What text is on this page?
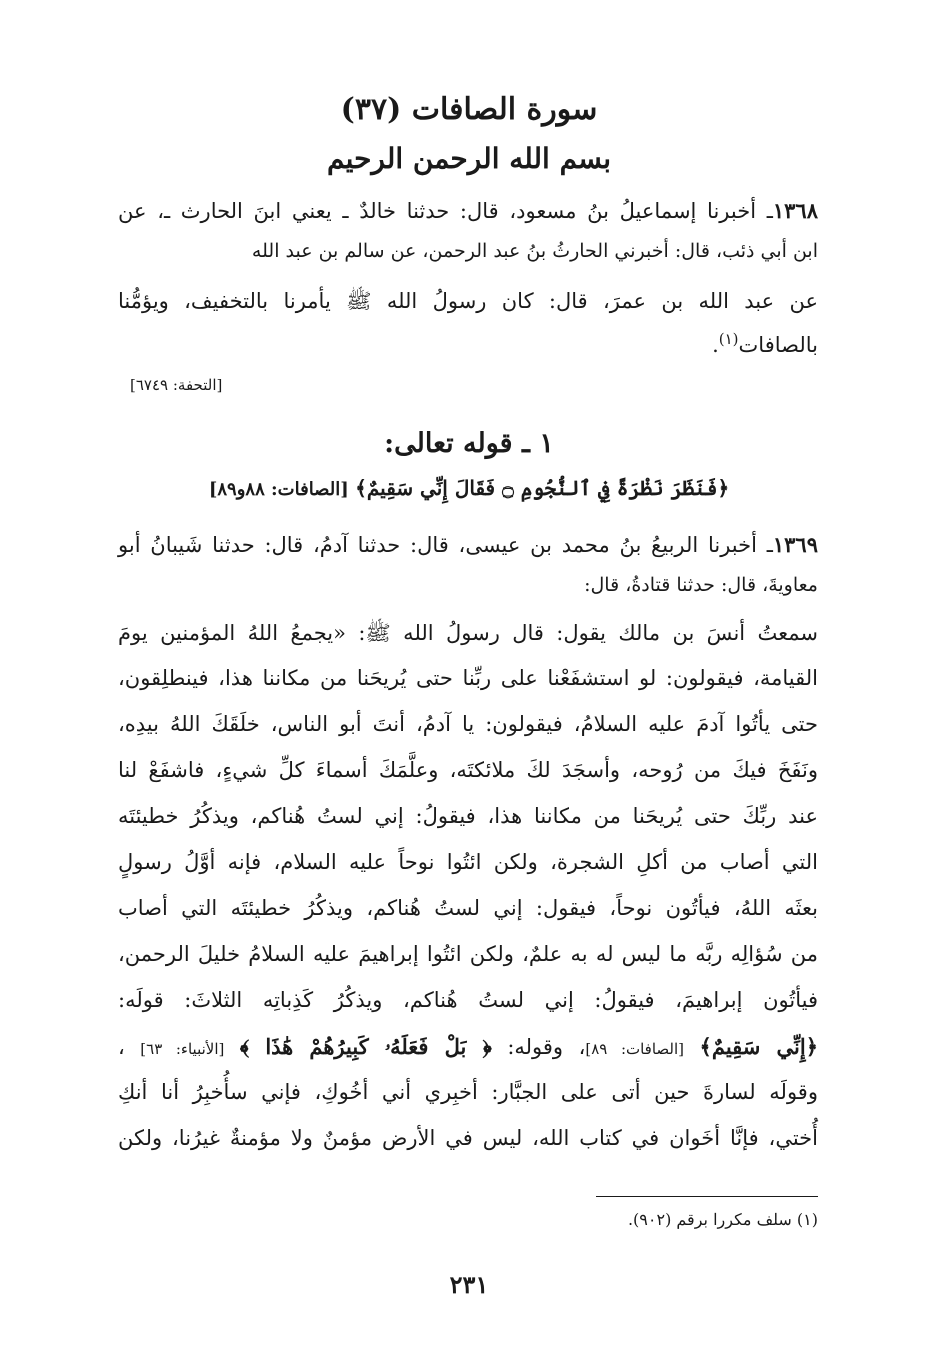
سورة الصافات (٣٧)
بسم الله الرحمن الرحيم
١٣٦٨ـ أخبرنا إسماعيلُ بنُ مسعود، قال: حدثنا خالدٌ ـ يعني ابنَ الحارث ـ، عن
ابن أبي ذئب، قال: أخبرني الحارثُ بنُ عبد الرحمن، عن سالم بن عبد الله
عن عبد الله بن عمرَ، قال: كان رسولُ الله ﷺ يأمرنا بالتخفيف، ويؤمُّنا
بالصافات$^{(١)}$.
[التحفة: ٦٧٤٩]
١ ـ قوله تعالى:
﴿فَنَظَرَ نَظْرَةً فِي ٱلنُّجُومِ ۝ فَقَالَ إِنِّي سَقِيمٌ﴾ [الصافات: ٨٨و٨٩]
١٣٦٩ـ أخبرنا الربيعُ بنُ محمد بن عيسى، قال: حدثنا آدمُ، قال: حدثنا شَيبانُ أبو
معاويةَ، قال: حدثنا قتادةُ، قال:
سمعتُ أنسَ بن مالك يقول: قال رسولُ الله ﷺ: «يجمعُ اللهُ المؤمنين يومَ
القيامة، فيقولون: لو استشفَعْنا على ربِّنا حتى يُريحَنا من مكاننا هذا، فينطلِقون،
حتى يأتُوا آدمَ عليه السلامُ، فيقولون: يا آدمُ، أنتَ أبو الناس، خلَقَكَ اللهُ بيدِه،
ونَفَخَ فيكَ من رُوحه، وأسجَدَ لكَ ملائكتَه، وعلَّمَكَ أسماءَ كلِّ شيءٍ، فاشفَعْ لنا
عند ربِّكَ حتى يُريحَنا من مكاننا هذا، فيقولُ: إني لستُ هُناكم، ويذكُرُ خطيئتَه
التي أصاب من أكلِ الشجرة، ولكن ائتُوا نوحاً عليه السلام، فإنه أوَّلُ رسولٍ
بعثَه اللهُ، فيأتُون نوحاً، فيقول: إني لستُ هُناكم، ويذكُرُ خطيئتَه التي أصاب
من سُؤالِه ربَّه ما ليس له به علمٌ، ولكن ائتُوا إبراهيمَ عليه السلامُ خليلَ الرحمن،
فيأتُون إبراهيمَ، فيقولُ: إني لستُ هُناكم، ويذكُرُ كَذِباتِه الثلاثَ: قولَه:
﴿إِنِّي سَقِيمٌ﴾ [الصافات: ٨٩]، وقوله: ﴿ بَلْ فَعَلَهُۥ كَبِيرُهُمْ هَٰذَا ﴾ [الأنبياء: ٦٣] ،
وقولَه لسارةَ حين أتى على الجبَّار: أخبِري أني أخُوكِ، فإني سأُخبِرُ أنا أنكِ
أُختي، فإنَّا أخَوان في كتاب الله، ليس في الأرض مؤمنٌ ولا مؤمنةٌ غيرُنا، ولكن
(١) سلف مكررا برقم (٩٠٢).
٢٣١
